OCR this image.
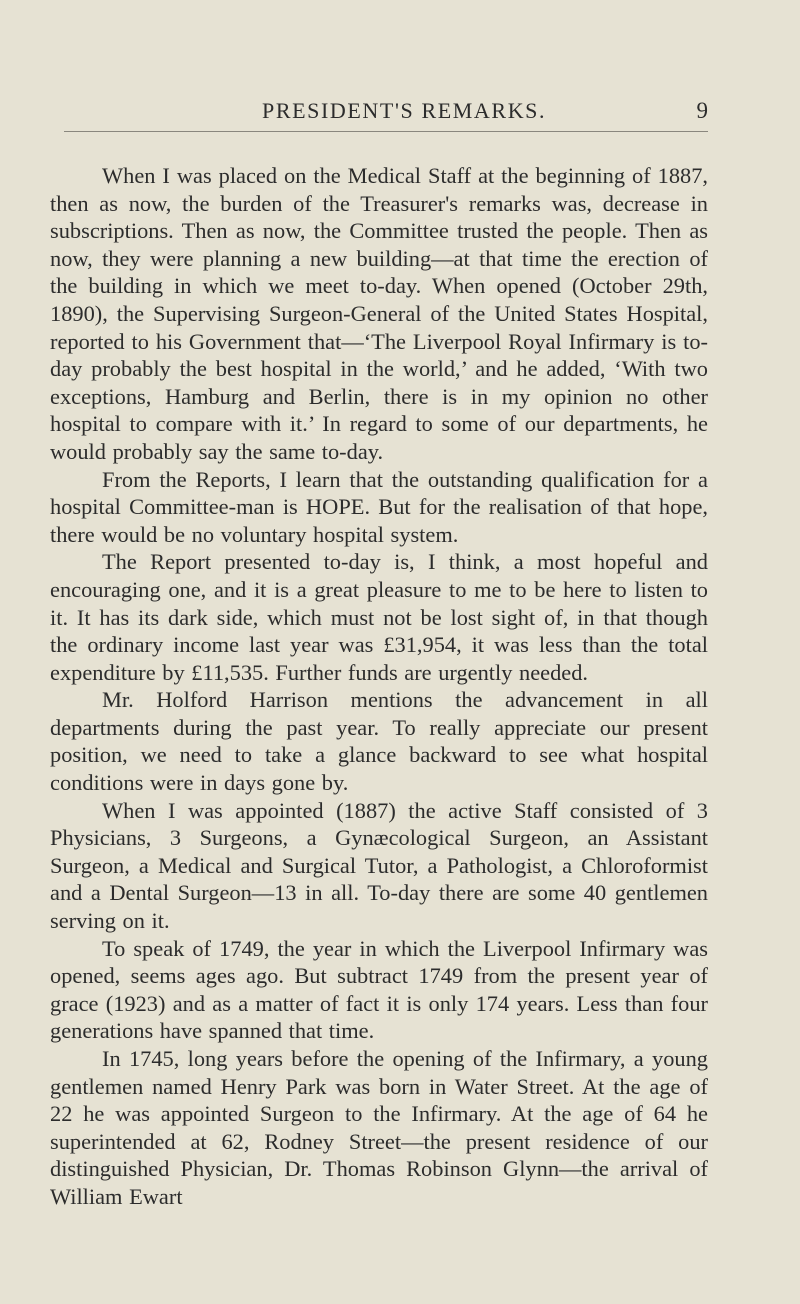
PRESIDENT'S REMARKS.	9

When I was placed on the Medical Staff at the beginning of 1887, then as now, the burden of the Treasurer's remarks was, decrease in subscriptions. Then as now, the Committee trusted the people. Then as now, they were planning a new building—at that time the erection of the building in which we meet to-day. When opened (October 29th, 1890), the Supervising Surgeon-General of the United States Hospital, reported to his Government that—‘The Liverpool Royal Infirmary is to-day probably the best hospital in the world,’ and he added, ‘With two exceptions, Hamburg and Berlin, there is in my opinion no other hospital to compare with it.’ In regard to some of our departments, he would probably say the same to-day.

From the Reports, I learn that the outstanding qualification for a hospital Committee-man is HOPE. But for the realisation of that hope, there would be no voluntary hospital system.

The Report presented to-day is, I think, a most hopeful and encouraging one, and it is a great pleasure to me to be here to listen to it. It has its dark side, which must not be lost sight of, in that though the ordinary income last year was £31,954, it was less than the total expenditure by £11,535. Further funds are urgently needed.

Mr. Holford Harrison mentions the advancement in all departments during the past year. To really appreciate our present position, we need to take a glance backward to see what hospital conditions were in days gone by.

When I was appointed (1887) the active Staff consisted of 3 Physicians, 3 Surgeons, a Gynæcological Surgeon, an Assistant Surgeon, a Medical and Surgical Tutor, a Pathologist, a Chloroformist and a Dental Surgeon—13 in all. To-day there are some 40 gentlemen serving on it.

To speak of 1749, the year in which the Liverpool Infirmary was opened, seems ages ago. But subtract 1749 from the present year of grace (1923) and as a matter of fact it is only 174 years. Less than four generations have spanned that time.

In 1745, long years before the opening of the Infirmary, a young gentlemen named Henry Park was born in Water Street. At the age of 22 he was appointed Surgeon to the Infirmary. At the age of 64 he superintended at 62, Rodney Street—the present residence of our distinguished Physician, Dr. Thomas Robinson Glynn—the arrival of William Ewart
